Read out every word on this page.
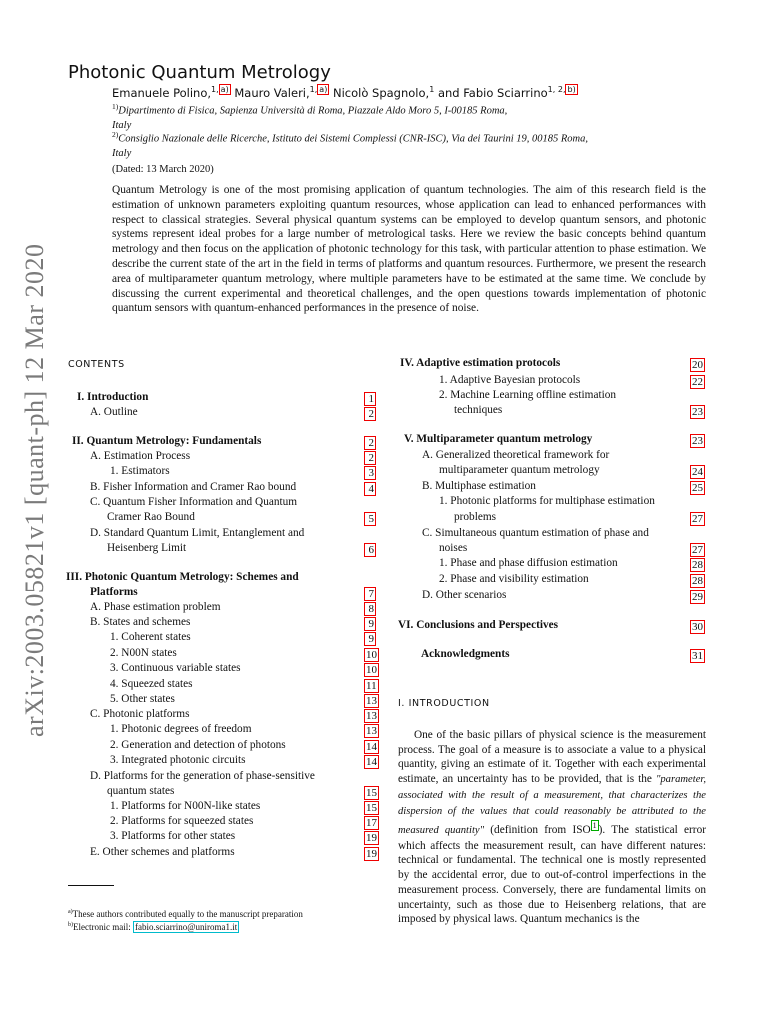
arXiv:2003.05821v1 [quant-ph] 12 Mar 2020
Photonic Quantum Metrology
Emanuele Polino,$^{1,}$ $^{a)}$ Mauro Valeri,$^{1,}$ $^{a)}$ Nicolò Spagnolo,$^1$ and Fabio Sciarrino$^{1, 2,}$ $^{b)}$
$^{1)}$Dipartimento di Fisica, Sapienza Università di Roma, Piazzale Aldo Moro 5, I-00185 Roma,
Italy
$^{2)}$Consiglio Nazionale delle Ricerche, Istituto dei Sistemi Complessi (CNR-ISC), Via dei Taurini 19, 00185 Roma,
Italy
(Dated: 13 March 2020)

Quantum Metrology is one of the most promising application of quantum technologies. The aim of this research field is the estimation of unknown parameters exploiting quantum resources, whose application can lead to enhanced performances with respect to classical strategies. Several physical quantum systems can be employed to develop quantum sensors, and photonic systems represent ideal probes for a large number of metrological tasks. Here we review the basic concepts behind quantum metrology and then focus on the application of photonic technology for this task, with particular attention to phase estimation. We describe the current state of the art in the field in terms of platforms and quantum resources. Furthermore, we present the research area of multiparameter quantum metrology, where multiple parameters have to be estimated at the same time. We conclude by discussing the current experimental and theoretical challenges, and the open questions towards implementation of photonic quantum sensors with quantum-enhanced performances in the presence of noise.

CONTENTS
I. Introduction	1
A. Outline	2
II. Quantum Metrology: Fundamentals	2
A. Estimation Process	2
1. Estimators	3
B. Fisher Information and Cramer Rao bound	4
C. Quantum Fisher Information and Quantum
Cramer Rao Bound	5
D. Standard Quantum Limit, Entanglement and
Heisenberg Limit	6
III. Photonic Quantum Metrology: Schemes and
Platforms	7
A. Phase estimation problem	8
B. States and schemes	9
1. Coherent states	9
2. N00N states	10
3. Continuous variable states	10
4. Squeezed states	11
5. Other states	13
C. Photonic platforms	13
1. Photonic degrees of freedom	13
2. Generation and detection of photons	14
3. Integrated photonic circuits	14
D. Platforms for the generation of phase-sensitive
quantum states	15
1. Platforms for N00N-like states	15
2. Platforms for squeezed states	17
3. Platforms for other states	19
E. Other schemes and platforms	19
IV. Adaptive estimation protocols	20
1. Adaptive Bayesian protocols	22
2. Machine Learning offline estimation
techniques	23
V. Multiparameter quantum metrology	23
A. Generalized theoretical framework for
multiparameter quantum metrology	24
B. Multiphase estimation	25
1. Photonic platforms for multiphase estimation
problems	27
C. Simultaneous quantum estimation of phase and
noises	27
1. Phase and phase diffusion estimation	28
2. Phase and visibility estimation	28
D. Other scenarios	29
VI. Conclusions and Perspectives	30
Acknowledgments	31
I. INTRODUCTION

One of the basic pillars of physical science is the measurement process. The goal of a measure is to associate a value to a physical quantity, giving an estimate of it. Together with each experimental estimate, an uncertainty has to be provided, that is the "parameter, associated with the result of a measurement, that characterizes the dispersion of the values that could reasonably be attributed to the measured quantity" (definition from ISO $^1$ ). The statistical error which affects the measurement result, can have different natures: technical or fundamental. The technical one is mostly represented by the accidental error, due to out-of-control imperfections in the measurement process. Conversely, there are fundamental limits on uncertainty, such as those due to Heisenberg relations, that are imposed by physical laws. Quantum mechanics is the

$^{a)}$These authors contributed equally to the manuscript preparation
$^{b)}$Electronic mail: fabio.sciarrino@uniroma1.it
